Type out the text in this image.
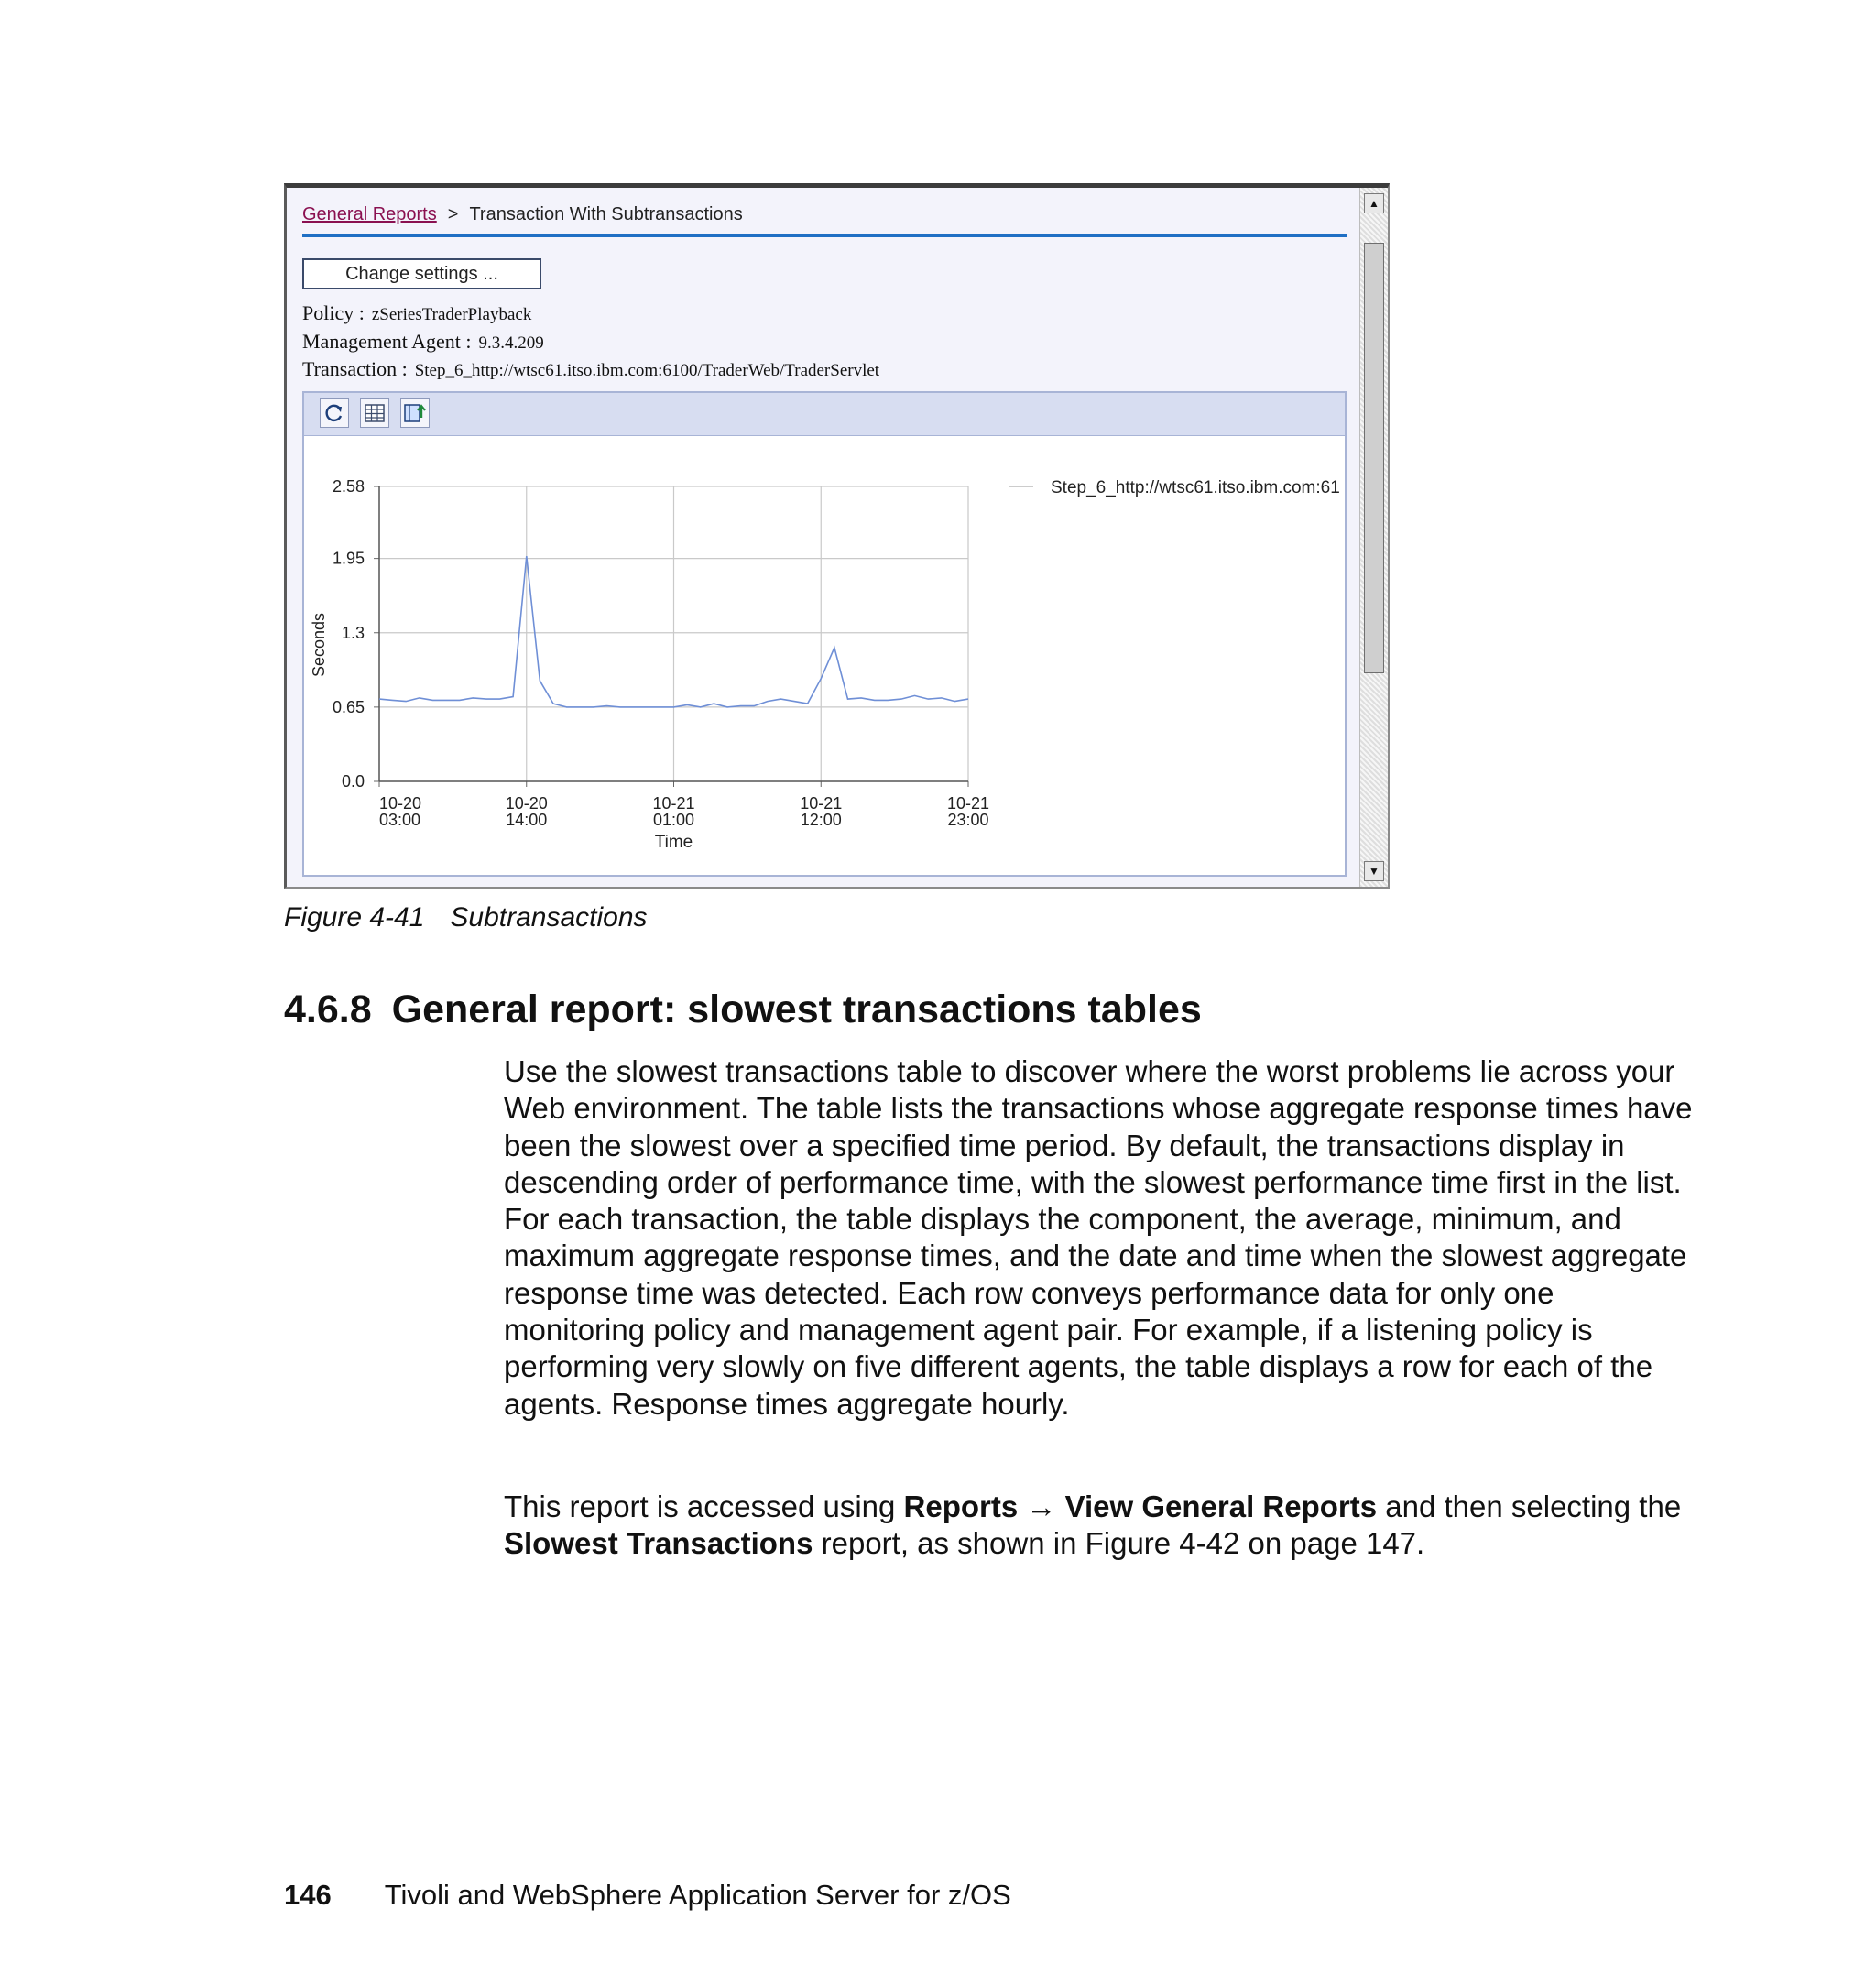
General Reports > Transaction With Subtransactions
Change settings ...
Policy : zSeriesTraderPlayback
Management Agent : 9.3.4.209
Transaction : Step_6_http://wtsc61.itso.ibm.com:6100/TraderWeb/TraderServlet
2.58
1.95
1.3
0.65
0.0
10-20
03:00
10-20
14:00
10-21
01:00
10-21
12:00
10-21
23:00
Time
Seconds
Step_6_http://wtsc61.itso.ibm.com:61
▲
▼
Figure 4-41 Subtransactions
4.6.8 General report: slowest transactions tables

Use the slowest transactions table to discover where the worst problems lie across your Web environment. The table lists the transactions whose aggregate response times have been the slowest over a specified time period. By default, the transactions display in descending order of performance time, with the slowest performance time first in the list. For each transaction, the table displays the component, the average, minimum, and maximum aggregate response times, and the date and time when the slowest aggregate response time was detected. Each row conveys performance data for only one monitoring policy and management agent pair. For example, if a listening policy is performing very slowly on five different agents, the table displays a row for each of the agents. Response times aggregate hourly.

This report is accessed using Reports → View General Reports and then selecting the Slowest Transactions report, as shown in Figure 4-42 on page 147.

146 Tivoli and WebSphere Application Server for z/OS
